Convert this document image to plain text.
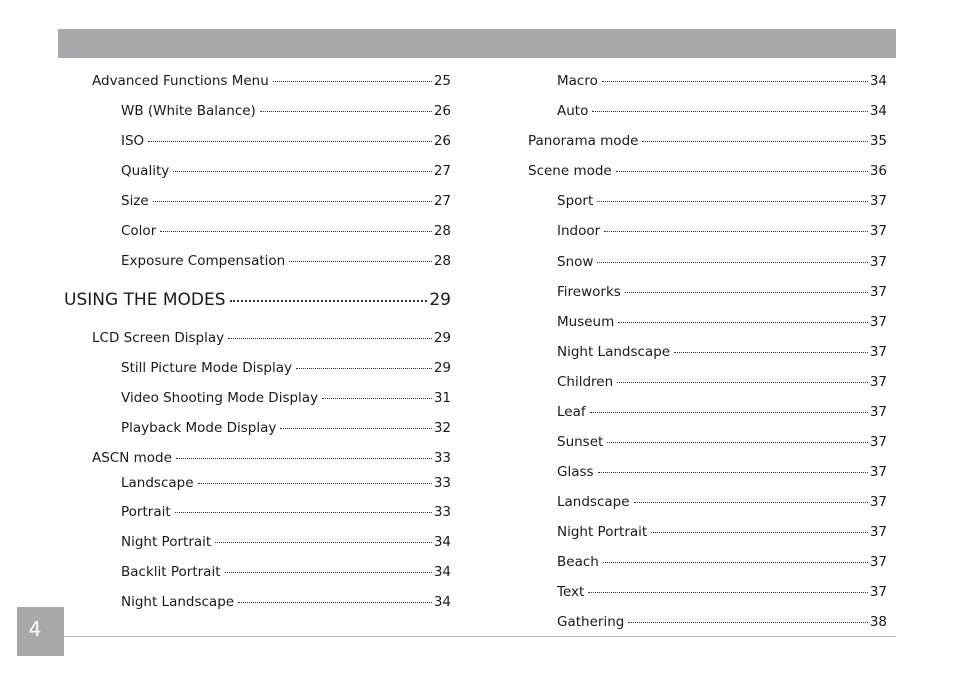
4
Advanced Functions Menu	25
WB (White Balance)	26
ISO	26
Quality	27
Size	27
Color	28
Exposure Compensation	28
USING THE MODES	29
LCD Screen Display	29
Still Picture Mode Display	29
Video Shooting Mode Display	31
Playback Mode Display	32
ASCN mode	33
Landscape	33
Portrait	33
Night Portrait	34
Backlit Portrait	34
Night Landscape	34
Macro	34
Auto	34
Panorama mode	35
Scene mode	36
Sport	37
Indoor	37
Snow	37
Fireworks	37
Museum	37
Night Landscape	37
Children	37
Leaf	37
Sunset	37
Glass	37
Landscape	37
Night Portrait	37
Beach	37
Text	37
Gathering	38
